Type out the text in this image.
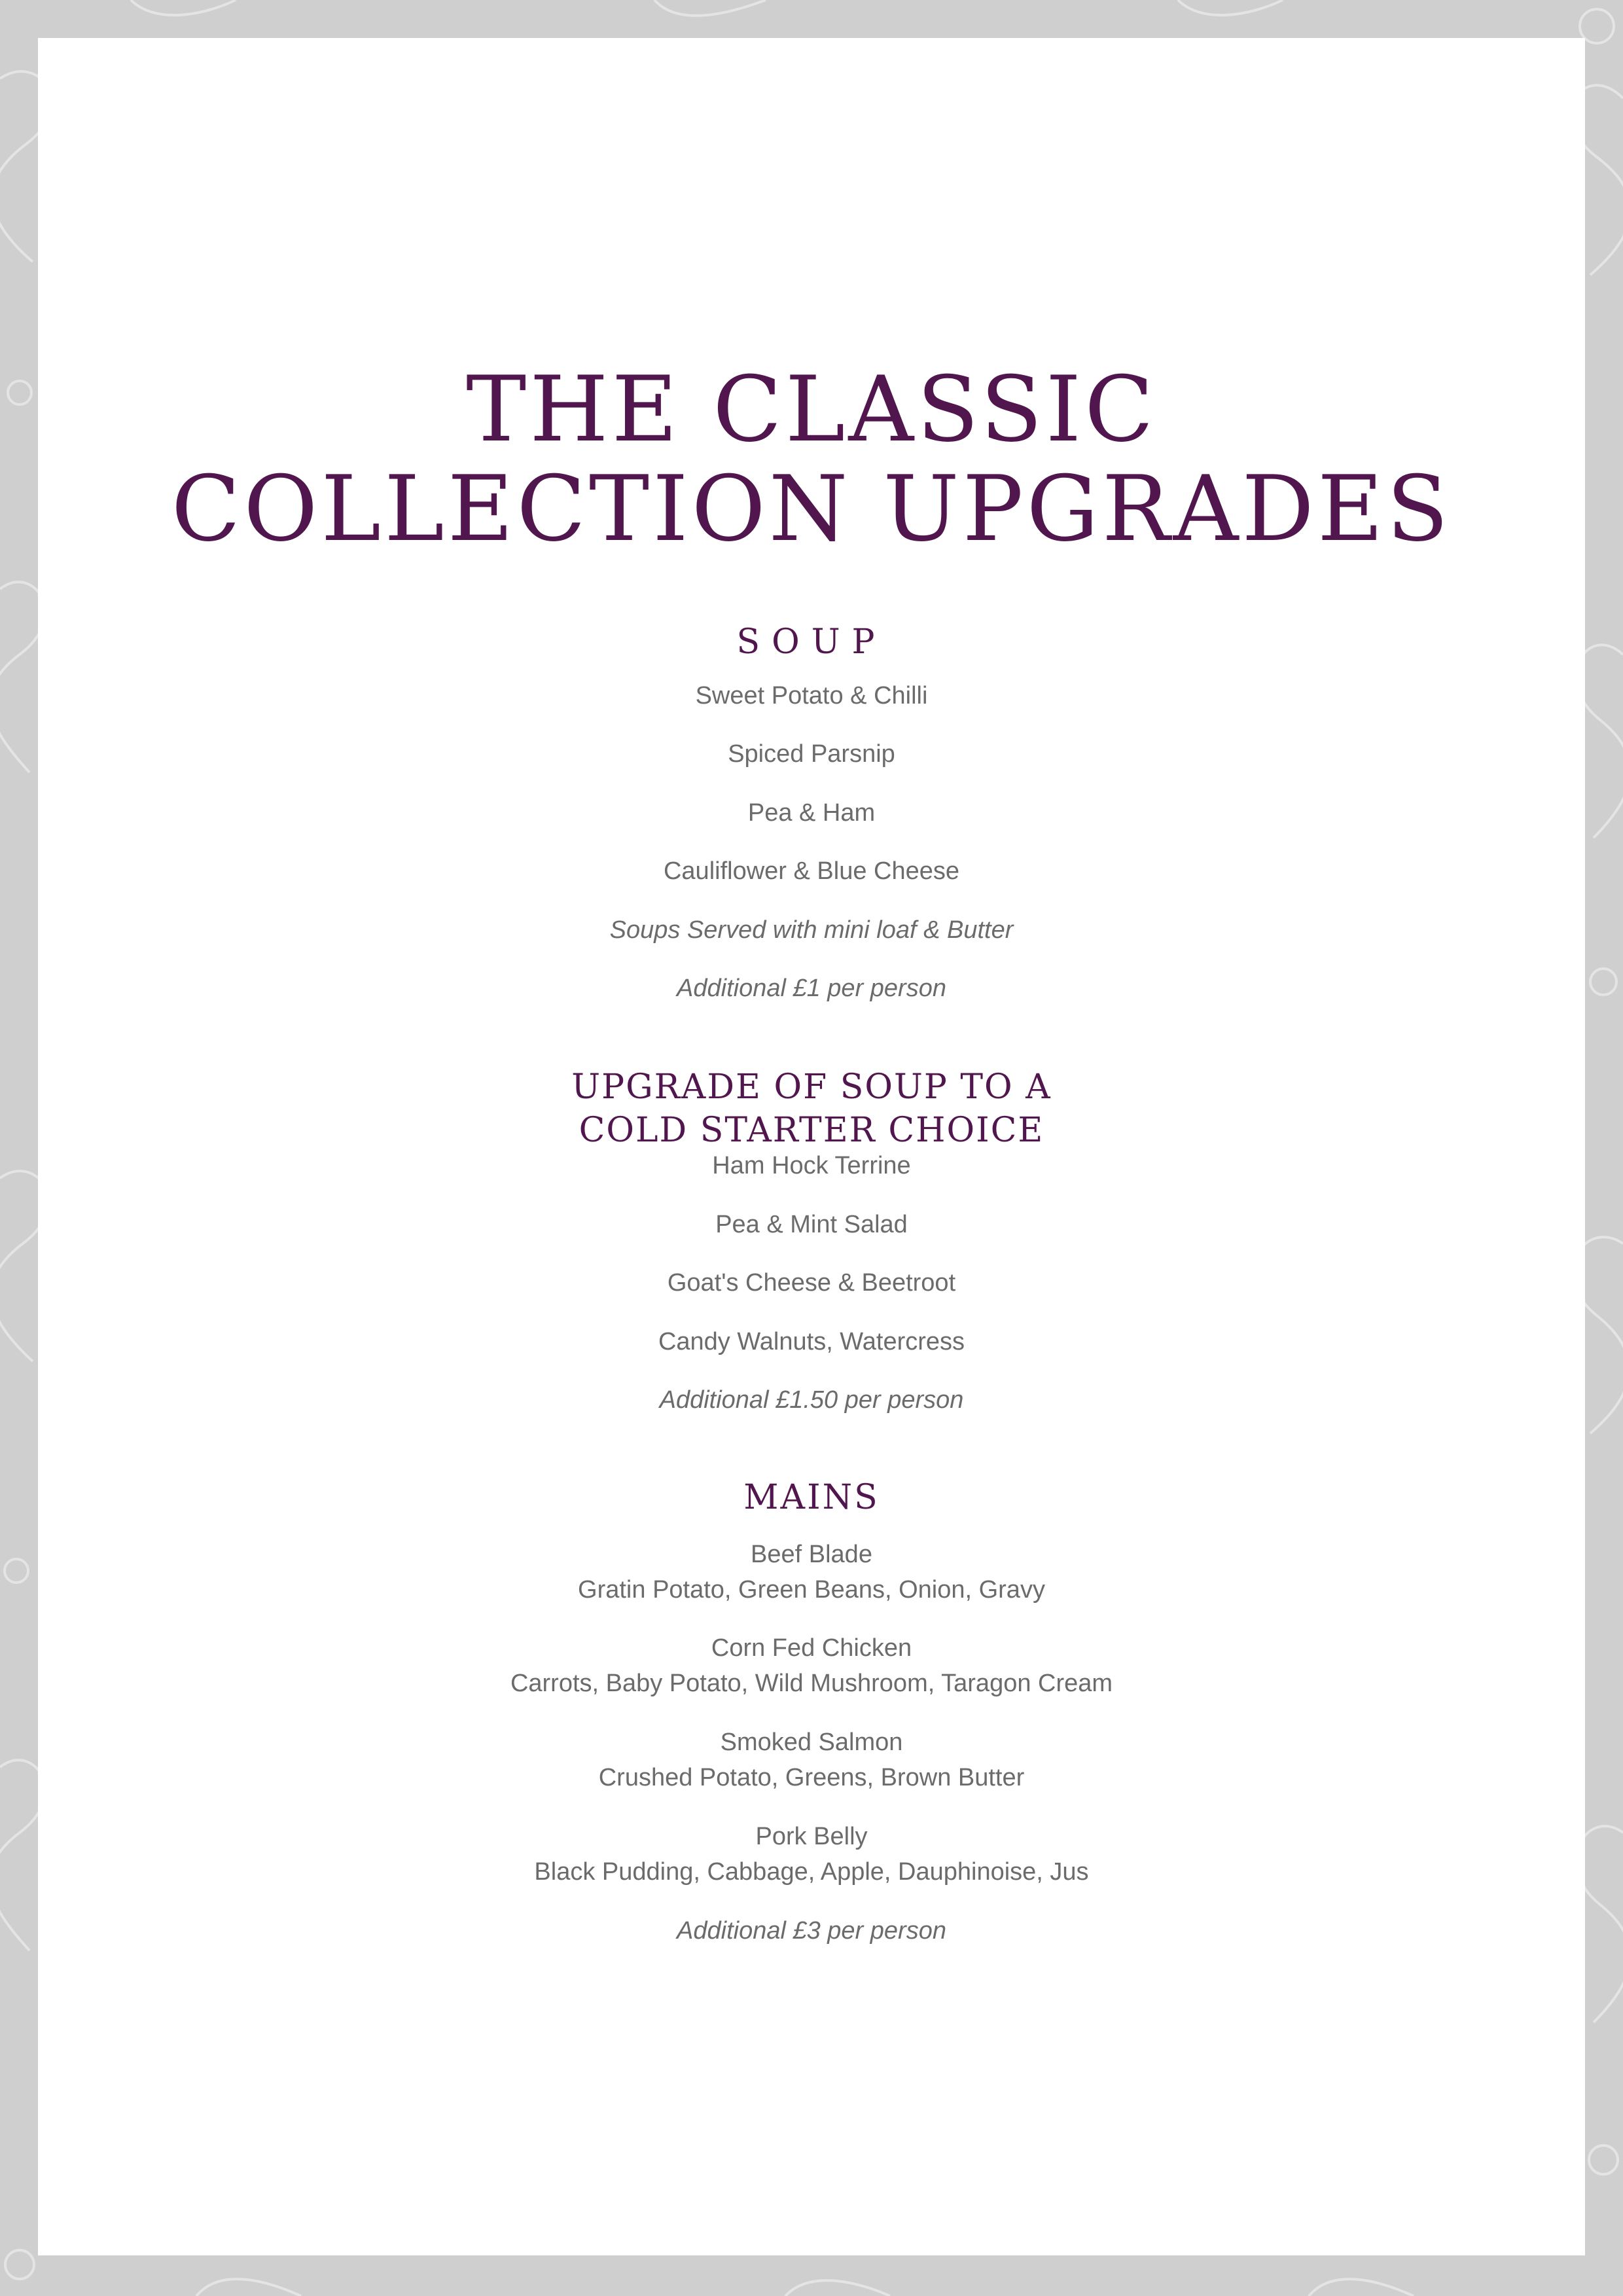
THE CLASSIC
COLLECTION UPGRADES
SOUP
Sweet Potato & Chilli
Spiced Parsnip
Pea & Ham
Cauliflower & Blue Cheese
Soups Served with mini loaf & Butter
Additional £1 per person
UPGRADE OF SOUP TO A
COLD STARTER CHOICE
Ham Hock Terrine
Pea & Mint Salad
Goat's Cheese & Beetroot
Candy Walnuts, Watercress
Additional £1.50 per person
MAINS
Beef Blade
Gratin Potato, Green Beans, Onion, Gravy
Corn Fed Chicken
Carrots, Baby Potato, Wild Mushroom, Taragon Cream
Smoked Salmon
Crushed Potato, Greens, Brown Butter
Pork Belly
Black Pudding, Cabbage, Apple, Dauphinoise, Jus
Additional £3 per person
